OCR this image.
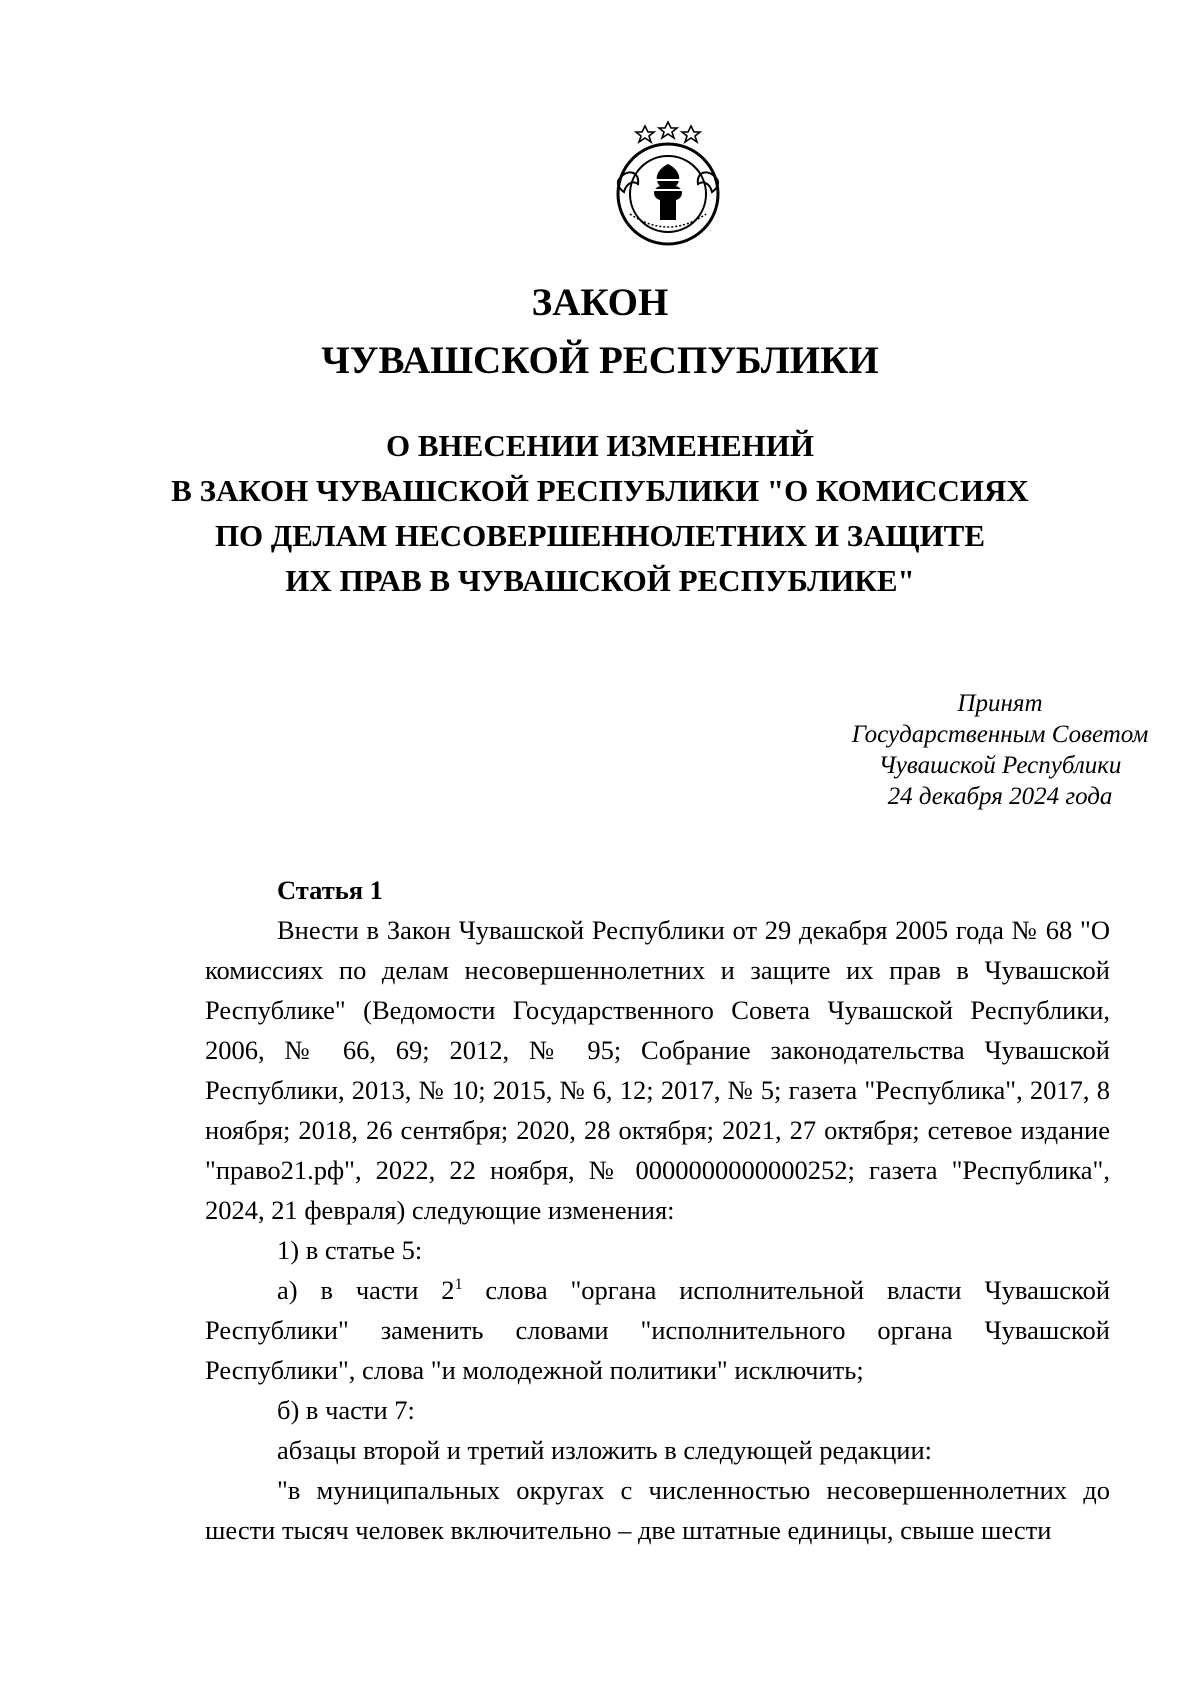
ЗАКОН
ЧУВАШСКОЙ РЕСПУБЛИКИ
О ВНЕСЕНИИ ИЗМЕНЕНИЙ
В ЗАКОН ЧУВАШСКОЙ РЕСПУБЛИКИ "О КОМИССИЯХ
ПО ДЕЛАМ НЕСОВЕРШЕННОЛЕТНИХ И ЗАЩИТЕ
ИХ ПРАВ В ЧУВАШСКОЙ РЕСПУБЛИКЕ"
Принят
Государственным Советом
Чувашской Республики
24 декабря 2024 года

Статья 1

Внести в Закон Чувашской Республики от 29 декабря 2005 года № 68 "О комиссиях по делам несовершеннолетних и защите их прав в Чувашской Республике" (Ведомости Государственного Совета Чувашской Республики, 2006, № 66, 69; 2012, № 95; Собрание законодательства Чувашской Республики, 2013, № 10; 2015, № 6, 12; 2017, № 5; газета "Республика", 2017, 8 ноября; 2018, 26 сентября; 2020, 28 октября; 2021, 27 октября; сетевое издание "право21.рф", 2022, 22 ноября, № 0000000000000252; газета "Республика", 2024, 21 февраля) следующие изменения:

1) в статье 5:

а) в части $2^1$ слова "органа исполнительной власти Чувашской Республики" заменить словами "исполнительного органа Чувашской Республики", слова "и молодежной политики" исключить;

б) в части 7:

абзацы второй и третий изложить в следующей редакции:

"в муниципальных округах с численностью несовершеннолетних до шести тысяч человек включительно – две штатные единицы, свыше шести
